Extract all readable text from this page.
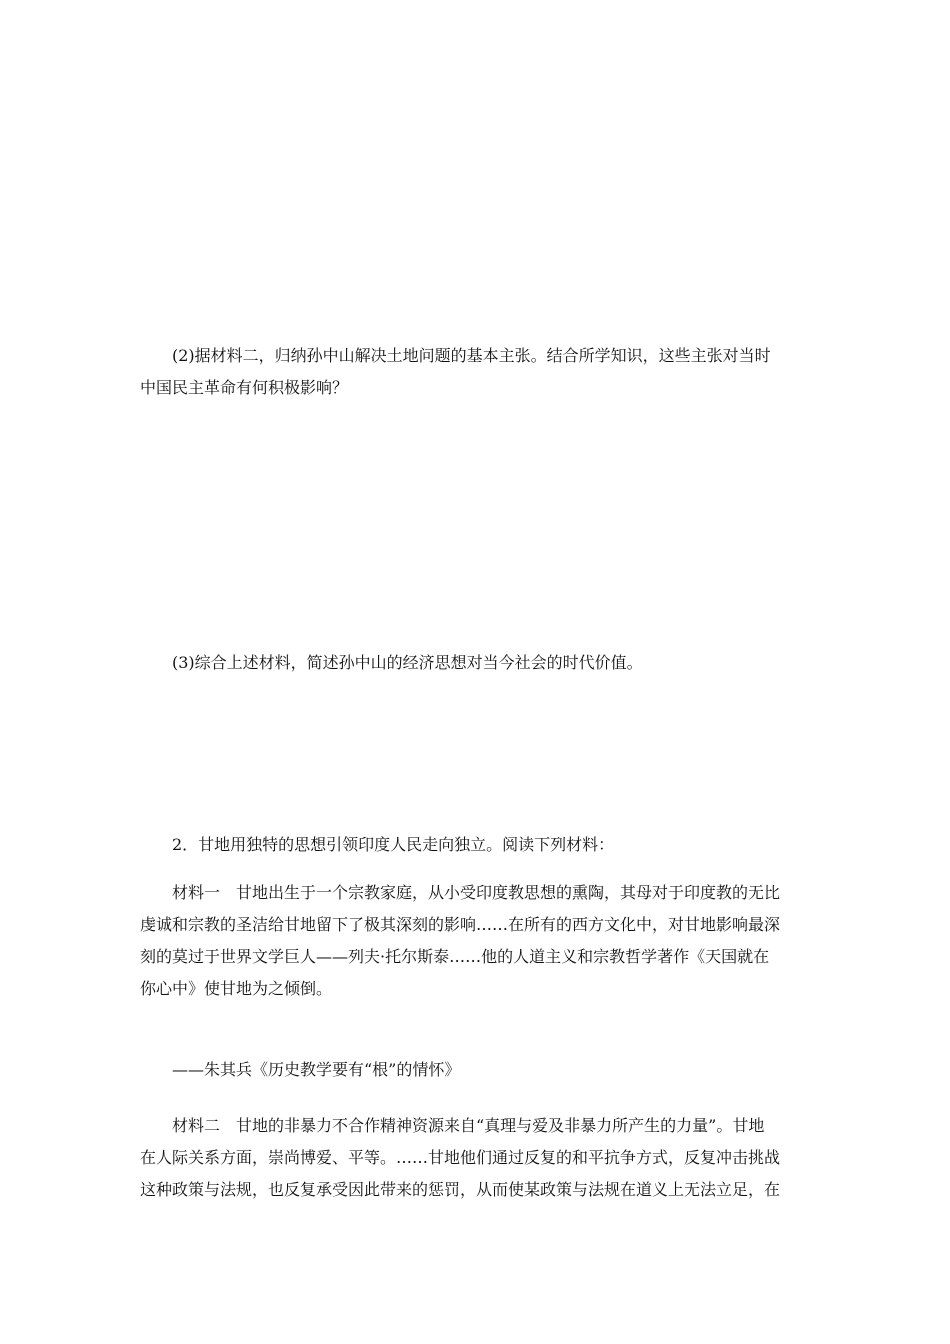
(2)据材料二，归纳孙中山解决土地问题的基本主张。结合所学知识，这些主张对当时
中国民主革命有何积极影响？

(3)综合上述材料，简述孙中山的经济思想对当今社会的时代价值。

2．甘地用独特的思想引领印度人民走向独立。阅读下列材料：

材料一　甘地出生于一个宗教家庭，从小受印度教思想的熏陶，其母对于印度教的无比
虔诚和宗教的圣洁给甘地留下了极其深刻的影响……在所有的西方文化中，对甘地影响最深
刻的莫过于世界文学巨人——列夫·托尔斯泰……他的人道主义和宗教哲学著作《天国就在
你心中》使甘地为之倾倒。

——朱其兵《历史教学要有“根”的情怀》

材料二　甘地的非暴力不合作精神资源来自“真理与爱及非暴力所产生的力量”。甘地
在人际关系方面，崇尚博爱、平等。……甘地他们通过反复的和平抗争方式，反复冲击挑战
这种政策与法规，也反复承受因此带来的惩罚，从而使某政策与法规在道义上无法立足，在
